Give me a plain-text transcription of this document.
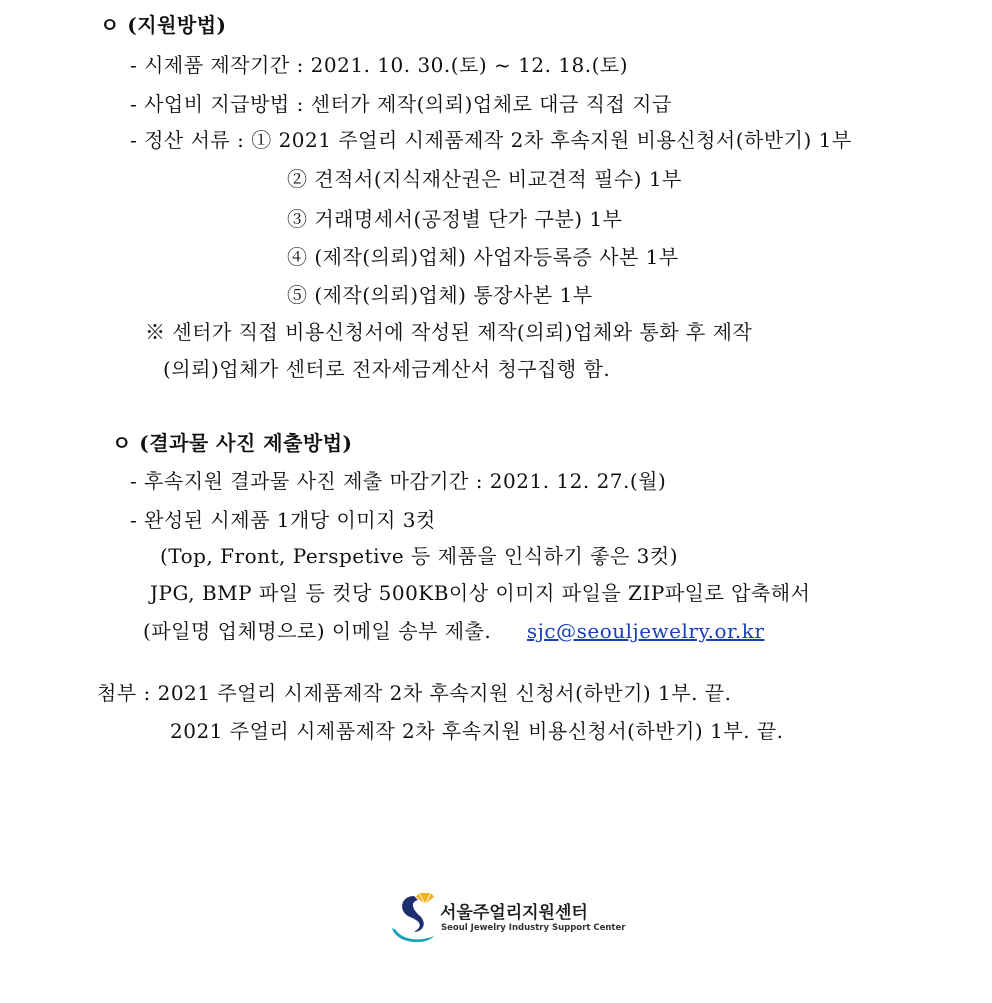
ㅇ (지원방법)
- 시제품 제작기간 : 2021. 10. 30.(토) ~ 12. 18.(토)
- 사업비 지급방법 : 센터가 제작(의뢰)업체로 대금 직접 지급
- 정산 서류 : ① 2021 주얼리 시제품제작 2차 후속지원 비용신청서(하반기) 1부
② 견적서(지식재산권은 비교견적 필수) 1부
③ 거래명세서(공정별 단가 구분) 1부
④ (제작(의뢰)업체) 사업자등록증 사본 1부
⑤ (제작(의뢰)업체) 통장사본 1부
※ 센터가 직접 비용신청서에 작성된 제작(의뢰)업체와 통화 후 제작
(의뢰)업체가 센터로 전자세금계산서 청구집행 함.
ㅇ (결과물 사진 제출방법)
- 후속지원 결과물 사진 제출 마감기간 : 2021. 12. 27.(월)
- 완성된 시제품 1개당 이미지 3컷
(Top, Front, Perspetive 등 제품을 인식하기 좋은 3컷)
JPG, BMP 파일 등 컷당 500KB이상 이미지 파일을 ZIP파일로 압축해서
(파일명 업체명으로) 이메일 송부 제출. sjc@seouljewelry.or.kr
첨부 : 2021 주얼리 시제품제작 2차 후속지원 신청서(하반기) 1부. 끝.
2021 주얼리 시제품제작 2차 후속지원 비용신청서(하반기) 1부. 끝.
서울주얼리지원센터
Seoul Jewelry Industry Support Center
